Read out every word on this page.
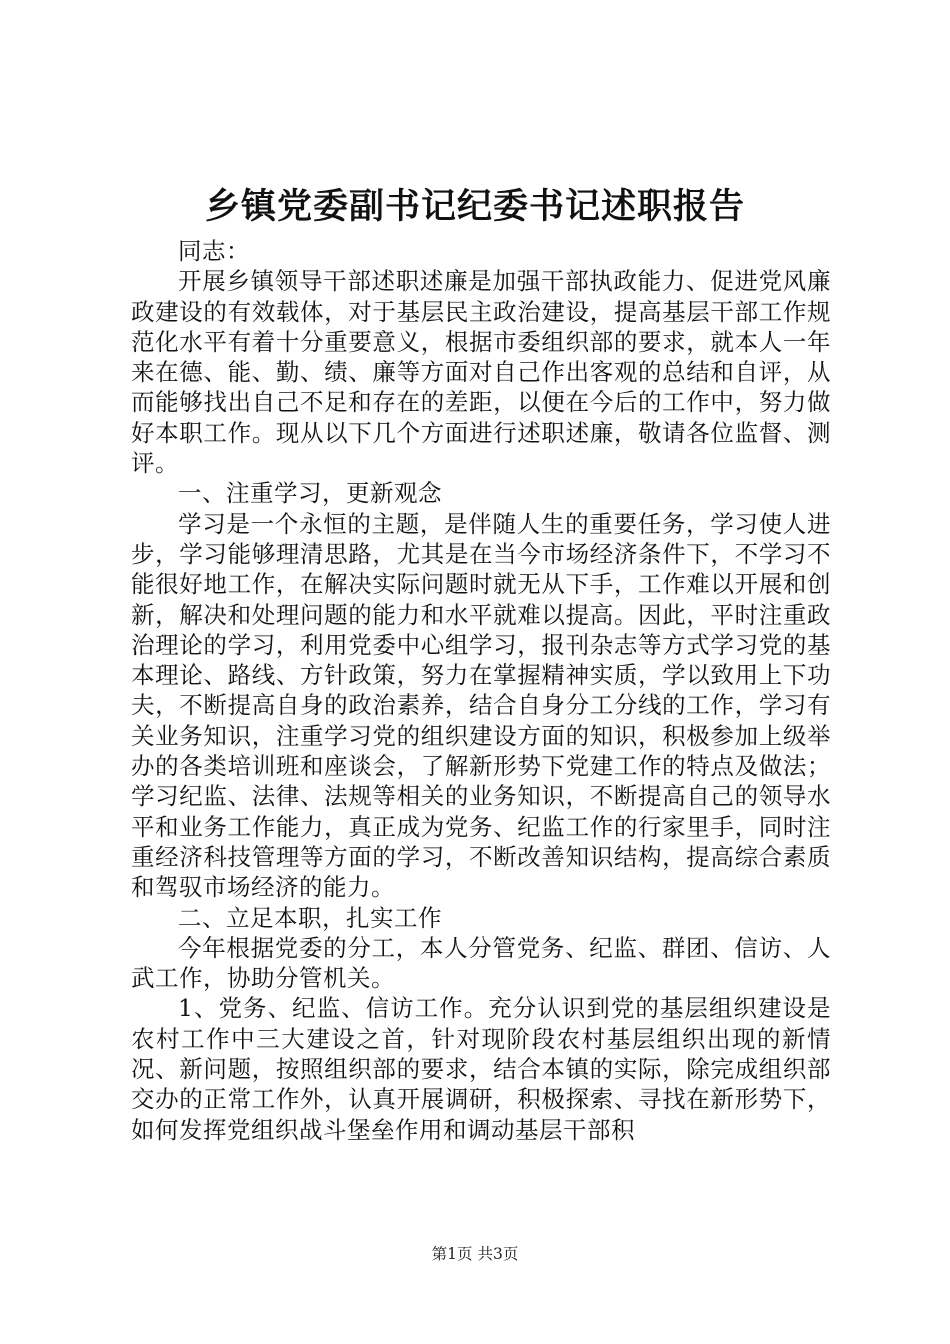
乡镇党委副书记纪委书记述职报告

同志：

开展乡镇领导干部述职述廉是加强干部执政能力、促进党风廉政建设的有效载体，对于基层民主政治建设，提高基层干部工作规范化水平有着十分重要意义，根据市委组织部的要求，就本人一年来在德、能、勤、绩、廉等方面对自己作出客观的总结和自评，从而能够找出自己不足和存在的差距，以便在今后的工作中，努力做好本职工作。现从以下几个方面进行述职述廉，敬请各位监督、测评。

一、注重学习，更新观念

学习是一个永恒的主题，是伴随人生的重要任务，学习使人进步，学习能够理清思路，尤其是在当今市场经济条件下，不学习不能很好地工作，在解决实际问题时就无从下手，工作难以开展和创新，解决和处理问题的能力和水平就难以提高。因此，平时注重政治理论的学习，利用党委中心组学习，报刊杂志等方式学习党的基本理论、路线、方针政策，努力在掌握精神实质，学以致用上下功夫，不断提高自身的政治素养，结合自身分工分线的工作，学习有关业务知识，注重学习党的组织建设方面的知识，积极参加上级举办的各类培训班和座谈会，了解新形势下党建工作的特点及做法；学习纪监、法律、法规等相关的业务知识，不断提高自己的领导水平和业务工作能力，真正成为党务、纪监工作的行家里手，同时注重经济科技管理等方面的学习，不断改善知识结构，提高综合素质和驾驭市场经济的能力。

二、立足本职，扎实工作

今年根据党委的分工，本人分管党务、纪监、群团、信访、人武工作，协助分管机关。

1、党务、纪监、信访工作。充分认识到党的基层组织建设是农村工作中三大建设之首，针对现阶段农村基层组织出现的新情况、新问题，按照组织部的要求，结合本镇的实际，除完成组织部交办的正常工作外，认真开展调研，积极探索、寻找在新形势下，如何发挥党组织战斗堡垒作用和调动基层干部积

第1页 共3页
